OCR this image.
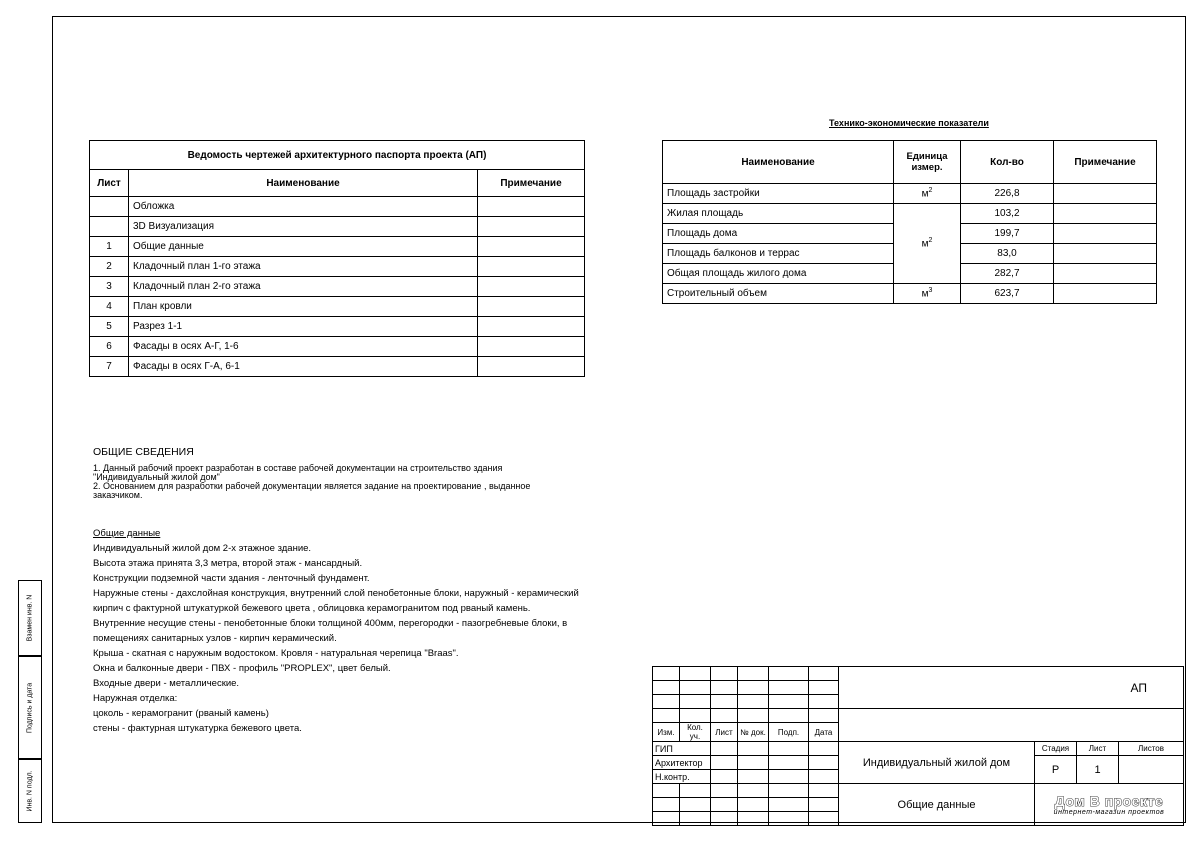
Ведомость чертежей архитектурного паспорта проекта (АП)		
Лист	Наименование	Примечание
	Обложка	
	3D Визуализация	
1	Общие данные	
2	Кладочный план 1-го этажа	
3	Кладочный план 2-го этажа	
4	План кровли	
5	Разрез 1-1	
6	Фасады в осях А-Г, 1-6	
7	Фасады в осях Г-А, 6-1	
Технико-экономические показатели
Наименование	Единица измер.	Кол-во	Примечание
Площадь застройки	$м^2$	226,8	
Жилая площадь	$м^2$	103,2	
Площадь дома		199,7	
Площадь балконов и террас		83,0	
Общая площадь жилого дома		282,7	
Строительный объем	$м^3$	623,7	
ОБЩИЕ СВЕДЕНИЯ
1. Данный рабочий проект разработан в составе рабочей документации на строительство здания
"Индивидуальный жилой дом"
2. Основанием для разработки рабочей документации является задание на проектирование , выданное
заказчиком.
Общие данные
Индивидуальный жилой дом 2-х этажное здание.
Высота этажа принята 3,3 метра, второй этаж - мансардный.
Конструкции подземной части здания - ленточный фундамент.
Наружные стены - дахслойная конструкция, внутренний слой пенобетонные блоки, наружный - керамический
кирпич с фактурной штукатуркой бежевого цвета , облицовка керамогранитом под рваный камень.
Внутренние несущие стены - пенобетонные блоки толщиной 400мм, перегородки - пазогребневые блоки, в
помещениях санитарных узлов - кирпич керамический.
Крыша - скатная с наружным водостоком. Кровля - натуральная черепица "Braas".
Окна и балконные двери - ПВХ - профиль "PROPLEX", цвет белый.
Входные двери - металлические.
Наружная отделка:
цоколь - керамогранит (рваный камень)
стены - фактурная штукатурка бежевого цвета.
Взамен инв. N
Подпись и дата
Инв. N подл.
						АП			

Изм.	Кол. уч.	Лист	№ док.	Подп.	Дата				
ГИП						Индивидуальный жилой дом	Стадия	Лист	Листов
Архитектор							Р	1	
Н.контр.									
						Общие данные	Дом В проекте
интернет-магазин проектов		
